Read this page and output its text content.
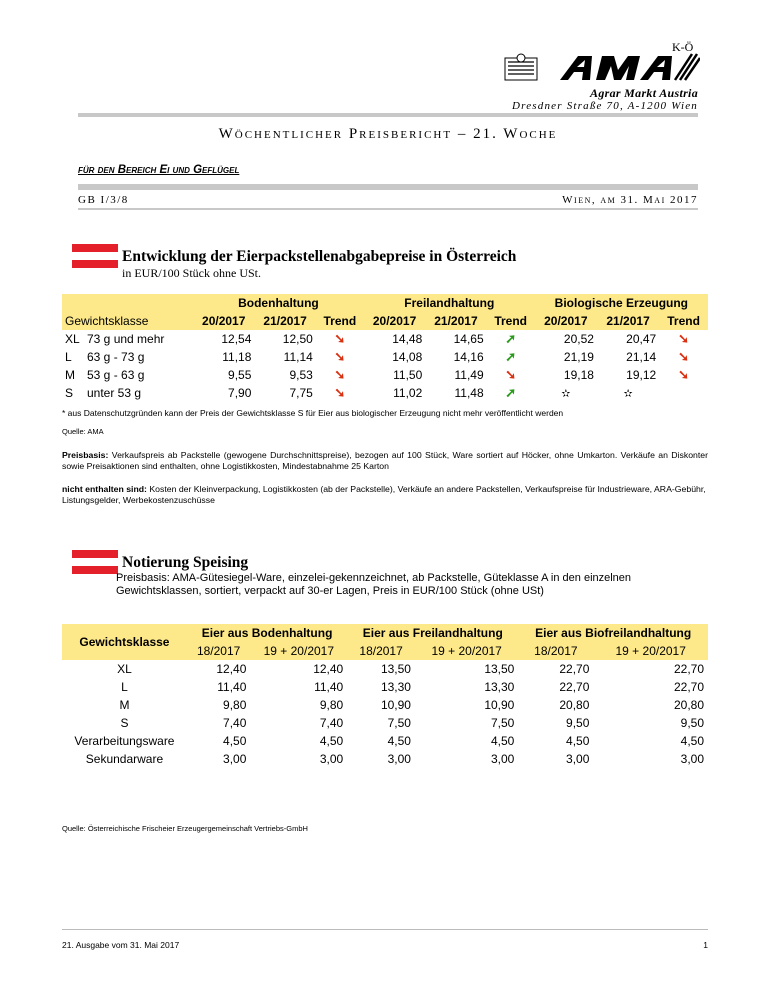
K-Ö
Agrar Markt Austria
Dresdner Straße 70, A-1200 Wien
Wöchentlicher Preisbericht – 21. Woche
für den Bereich Ei und Geflügel
GB I/3/8	Wien, am 31. Mai 2017
Entwicklung der Eierpackstellenabgabepreise in Österreich
in EUR/100 Stück ohne USt.
	Bodenhaltung			Freilandhaltung			Biologische Erzeugung		
Gewichtsklasse	20/2017	21/2017	Trend	20/2017	21/2017	Trend	20/2017	21/2017	Trend
XL 73 g und mehr	12,54	12,50	➘	14,48	14,65	➚	20,52	20,47	➘
L 63 g - 73 g	11,18	11,14	➘	14,08	14,16	➚	21,19	21,14	➘
M 53 g - 63 g	9,55	9,53	➘	11,50	11,49	➘	19,18	19,12	➘
S unter 53 g	7,90	7,75	➘	11,02	11,48	➚	✫	✫	
* aus Datenschutzgründen kann der Preis der Gewichtsklasse S für Eier aus biologischer Erzeugung nicht mehr veröffentlicht werden
Quelle: AMA
Preisbasis: Verkaufspreis ab Packstelle (gewogene Durchschnittspreise), bezogen auf 100 Stück, Ware sortiert auf Höcker, ohne Umkarton. Verkäufe an Diskonter sowie Preisaktionen sind enthalten, ohne Logistikkosten, Mindestabnahme 25 Karton
nicht enthalten sind: Kosten der Kleinverpackung, Logistikkosten (ab der Packstelle), Verkäufe an andere Packstellen, Verkaufspreise für Industrieware, ARA-Gebühr, Listungsgelder, Werbekostenzuschüsse
Notierung Speising
Preisbasis: AMA-Gütesiegel-Ware, einzelei-gekennzeichnet, ab Packstelle, Güteklasse A in den einzelnen Gewichtsklassen, sortiert, verpackt auf 30-er Lagen, Preis in EUR/100 Stück (ohne USt)
Gewichtsklasse	Eier aus Bodenhaltung		Eier aus Freilandhaltung		Eier aus Biofreilandhaltung	
	18/2017	19 + 20/2017	18/2017	19 + 20/2017	18/2017	19 + 20/2017
XL	12,40	12,40	13,50	13,50	22,70	22,70
L	11,40	11,40	13,30	13,30	22,70	22,70
M	9,80	9,80	10,90	10,90	20,80	20,80
S	7,40	7,40	7,50	7,50	9,50	9,50
Verarbeitungsware	4,50	4,50	4,50	4,50	4,50	4,50
Sekundarware	3,00	3,00	3,00	3,00	3,00	3,00
Quelle: Österreichische Frischeier Erzeugergemeinschaft Vertriebs-GmbH
21. Ausgabe vom 31. Mai 2017	1
